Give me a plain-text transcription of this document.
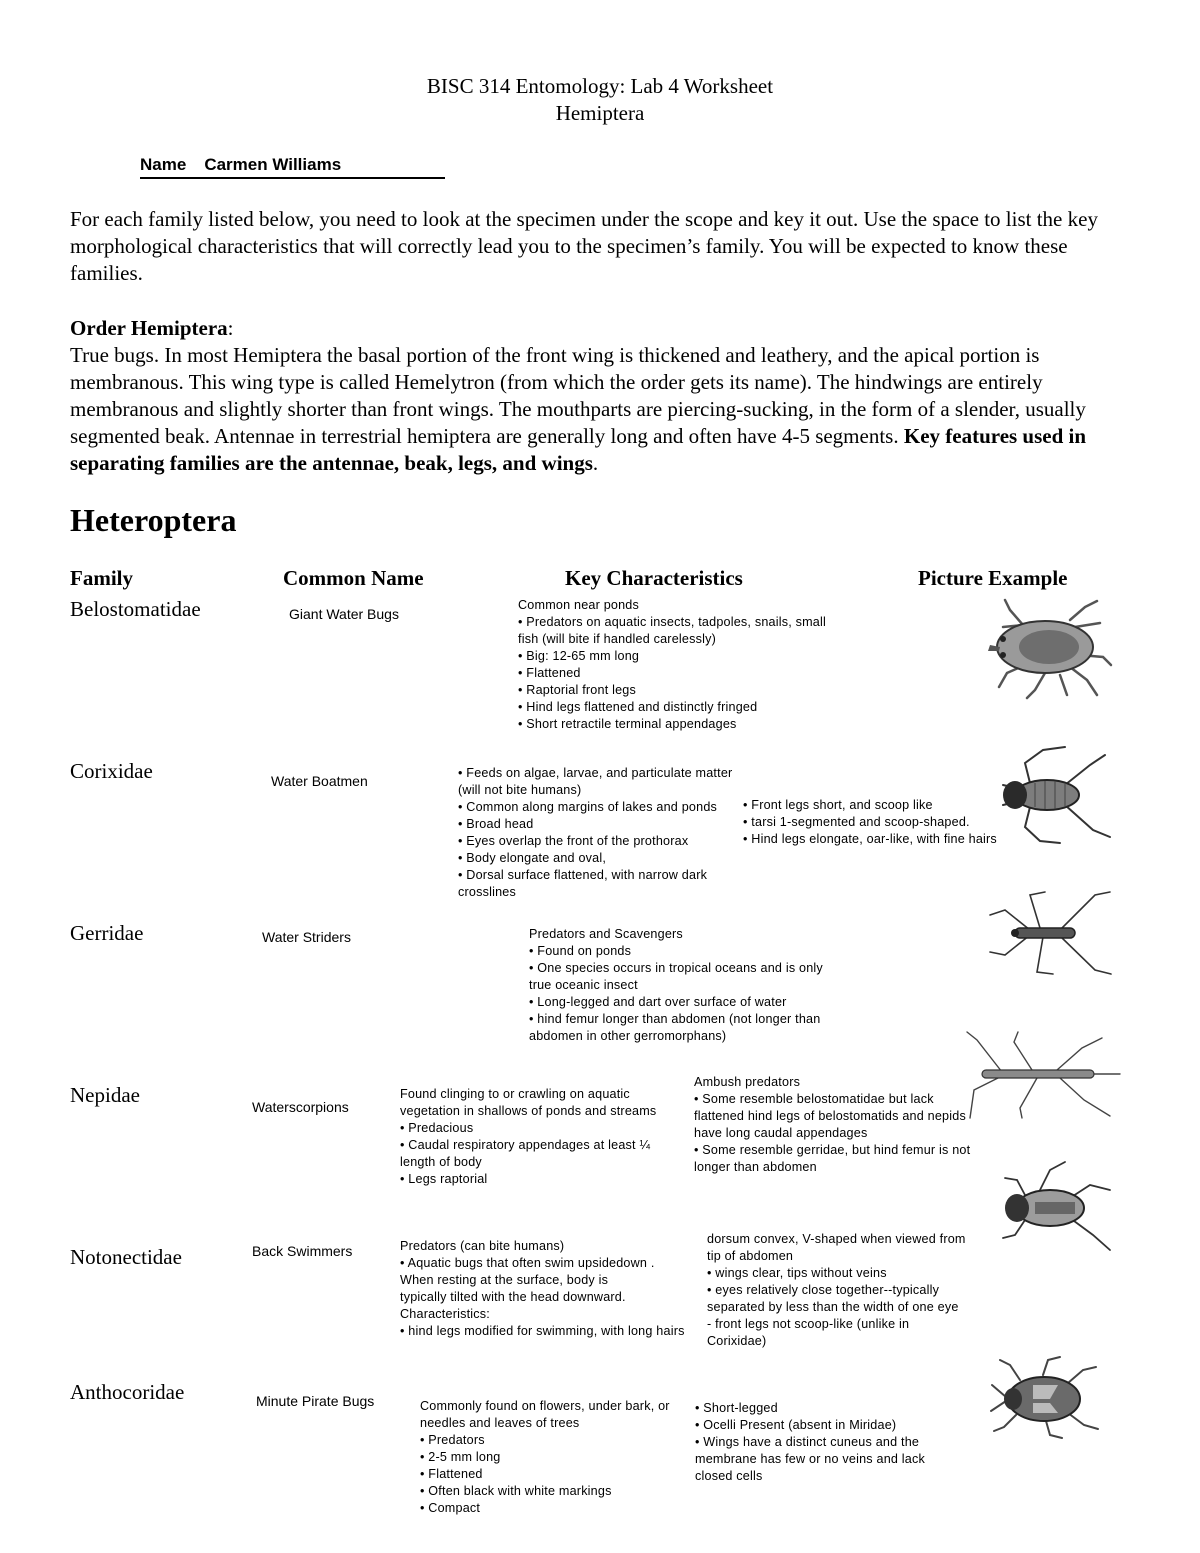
BISC 314 Entomology: Lab 4 Worksheet
Hemiptera
Name Carmen Williams
For each family listed below, you need to look at the specimen under the scope and key it out. Use the space to list the key morphological characteristics that will correctly lead you to the specimen’s family. You will be expected to know these families.
Order Hemiptera:
True bugs. In most Hemiptera the basal portion of the front wing is thickened and leathery, and the apical portion is membranous. This wing type is called Hemelytron (from which the order gets its name). The hindwings are entirely membranous and slightly shorter than front wings. The mouthparts are piercing-sucking, in the form of a slender, usually segmented beak. Antennae in terrestrial hemiptera are generally long and often have 4-5 segments. Key features used in separating families are the antennae, beak, legs, and wings.
Heteroptera
Family	Common Name	Key Characteristics	Picture Example
Belostomatidae	Giant Water Bugs
Common near ponds
• Predators on aquatic insects, tadpoles, snails, small fish (will bite if handled carelessly)
• Big: 12-65 mm long
• Flattened
• Raptorial front legs
• Hind legs flattened and distinctly fringed
• Short retractile terminal appendages
Corixidae	Water Boatmen	• Feeds on algae, larvae, and particulate matter (will not bite humans)
• Common along margins of lakes and ponds
• Broad head
• Eyes overlap the front of the prothorax
• Body elongate and oval,
• Dorsal surface flattened, with narrow dark crosslines
• Front legs short, and scoop like
• tarsi 1-segmented and scoop-shaped.
• Hind legs elongate, oar-like, with fine hairs
Gerridae	Water Striders	Predators and Scavengers
• Found on ponds
• One species occurs in tropical oceans and is only true oceanic insect
• Long-legged and dart over surface of water
• hind femur longer than abdomen (not longer than abdomen in other gerromorphans)
Nepidae	Waterscorpions
Found clinging to or crawling on aquatic vegetation in shallows of ponds and streams
• Predacious
• Caudal respiratory appendages at least ¼ length of body
• Legs raptorial
Ambush predators
• Some resemble belostomatidae but lack flattened hind legs of belostomatids and nepids have long caudal appendages
• Some resemble gerridae, but hind femur is not longer than abdomen
Notonectidae	Back Swimmers	Predators (can bite humans)
• Aquatic bugs that often swim upsidedown . When resting at the surface, body is
typically tilted with the head downward.
Characteristics:
• hind legs modified for swimming, with long hairs
dorsum convex, V-shaped when viewed from tip of abdomen
• wings clear, tips without veins
• eyes relatively close together--typically separated by less than the width of one eye
- front legs not scoop-like (unlike in Corixidae)
Anthocoridae	Minute Pirate Bugs	Commonly found on flowers, under bark, or needles and leaves of trees
• Predators
• 2-5 mm long
• Flattened
• Often black with white markings
• Compact
• Short-legged
• Ocelli Present (absent in Miridae)
• Wings have a distinct cuneus and the membrane has few or no veins and lack closed cells
